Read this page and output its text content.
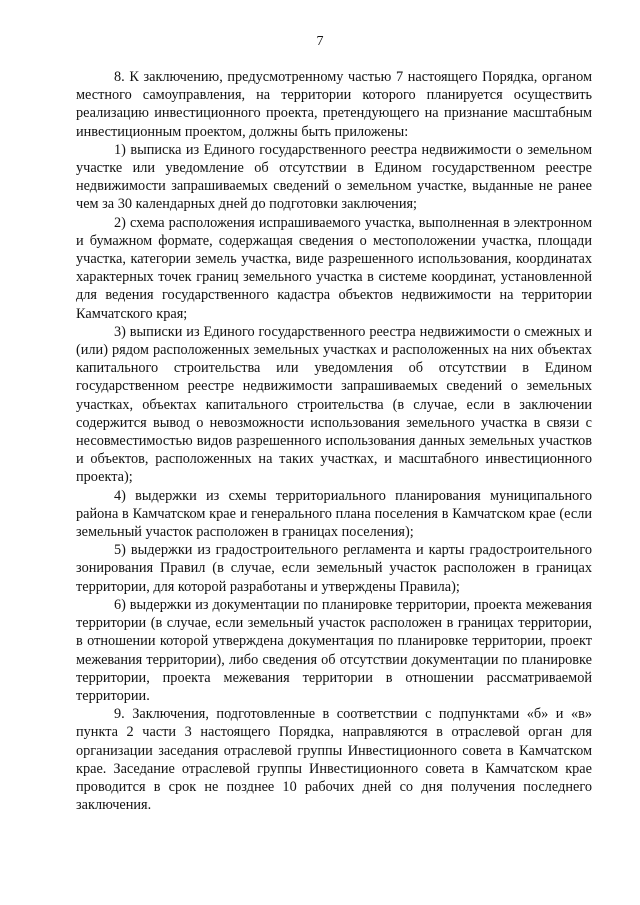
7

8. К заключению, предусмотренному частью 7 настоящего Порядка, органом местного самоуправления, на территории которого планируется осуществить реализацию инвестиционного проекта, претендующего на признание масштабным инвестиционным проектом, должны быть приложены:

1) выписка из Единого государственного реестра недвижимости о земельном участке или уведомление об отсутствии в Едином государственном реестре недвижимости запрашиваемых сведений о земельном участке, выданные не ранее чем за 30 календарных дней до подготовки заключения;

2) схема расположения испрашиваемого участка, выполненная в электронном и бумажном формате, содержащая сведения о местоположении участка, площади участка, категории земель участка, виде разрешенного использования, координатах характерных точек границ земельного участка в системе координат, установленной для ведения государственного кадастра объектов недвижимости на территории Камчатского края;

3) выписки из Единого государственного реестра недвижимости о смежных и (или) рядом расположенных земельных участках и расположенных на них объектах капитального строительства или уведомления об отсутствии в Едином государственном реестре недвижимости запрашиваемых сведений о земельных участках, объектах капитального строительства (в случае, если в заключении содержится вывод о невозможности использования земельного участка в связи с несовместимостью видов разрешенного использования данных земельных участков и объектов, расположенных на таких участках, и масштабного инвестиционного проекта);

4) выдержки из схемы территориального планирования муниципального района в Камчатском крае и генерального плана поселения в Камчатском крае (если земельный участок расположен в границах поселения);

5) выдержки из градостроительного регламента и карты градостроительного зонирования Правил (в случае, если земельный участок расположен в границах территории, для которой разработаны и утверждены Правила);

6) выдержки из документации по планировке территории, проекта межевания территории (в случае, если земельный участок расположен в границах территории, в отношении которой утверждена документация по планировке территории, проект межевания территории), либо сведения об отсутствии документации по планировке территории, проекта межевания территории в отношении рассматриваемой территории.

9. Заключения, подготовленные в соответствии с подпунктами «б» и «в» пункта 2 части 3 настоящего Порядка, направляются в отраслевой орган для организации заседания отраслевой группы Инвестиционного совета в Камчатском крае. Заседание отраслевой группы Инвестиционного совета в Камчатском крае проводится в срок не позднее 10 рабочих дней со дня получения последнего заключения.
